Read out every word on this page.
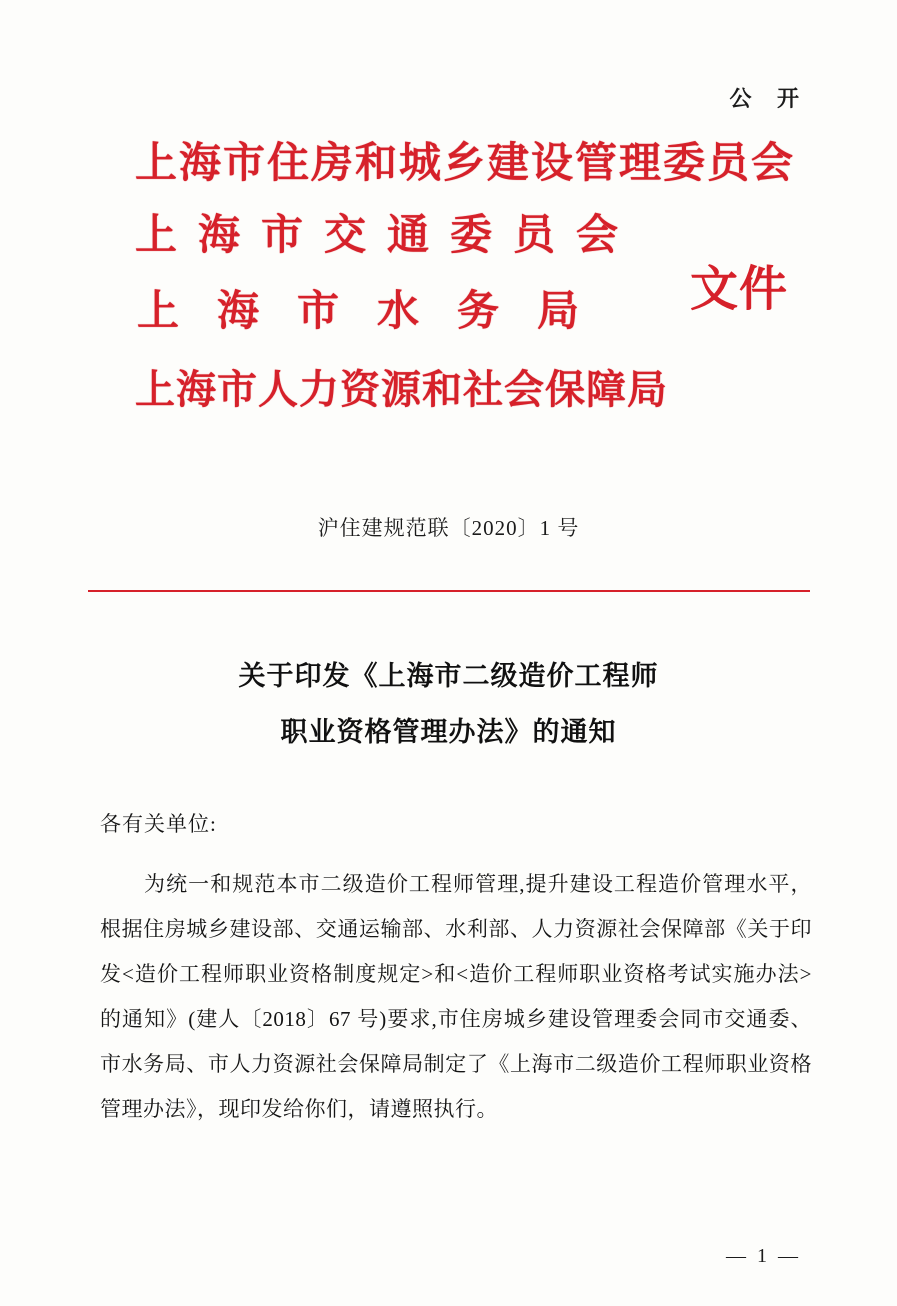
公 开
上海市住房和城乡建设管理委员会
上海市交通委员会
上海市水务局
上海市人力资源和社会保障局
文件
沪住建规范联〔2020〕1 号
关于印发《上海市二级造价工程师
职业资格管理办法》的通知
各有关单位:
为统一和规范本市二级造价工程师管理,提升建设工程造价管理水平，根据住房城乡建设部、交通运输部、水利部、人力资源社会保障部《关于印发<造价工程师职业资格制度规定>和<造价工程师职业资格考试实施办法>的通知》(建人〔2018〕67 号)要求,市住房城乡建设管理委会同市交通委、市水务局、市人力资源社会保障局制定了《上海市二级造价工程师职业资格管理办法》，现印发给你们，请遵照执行。
— 1 —
